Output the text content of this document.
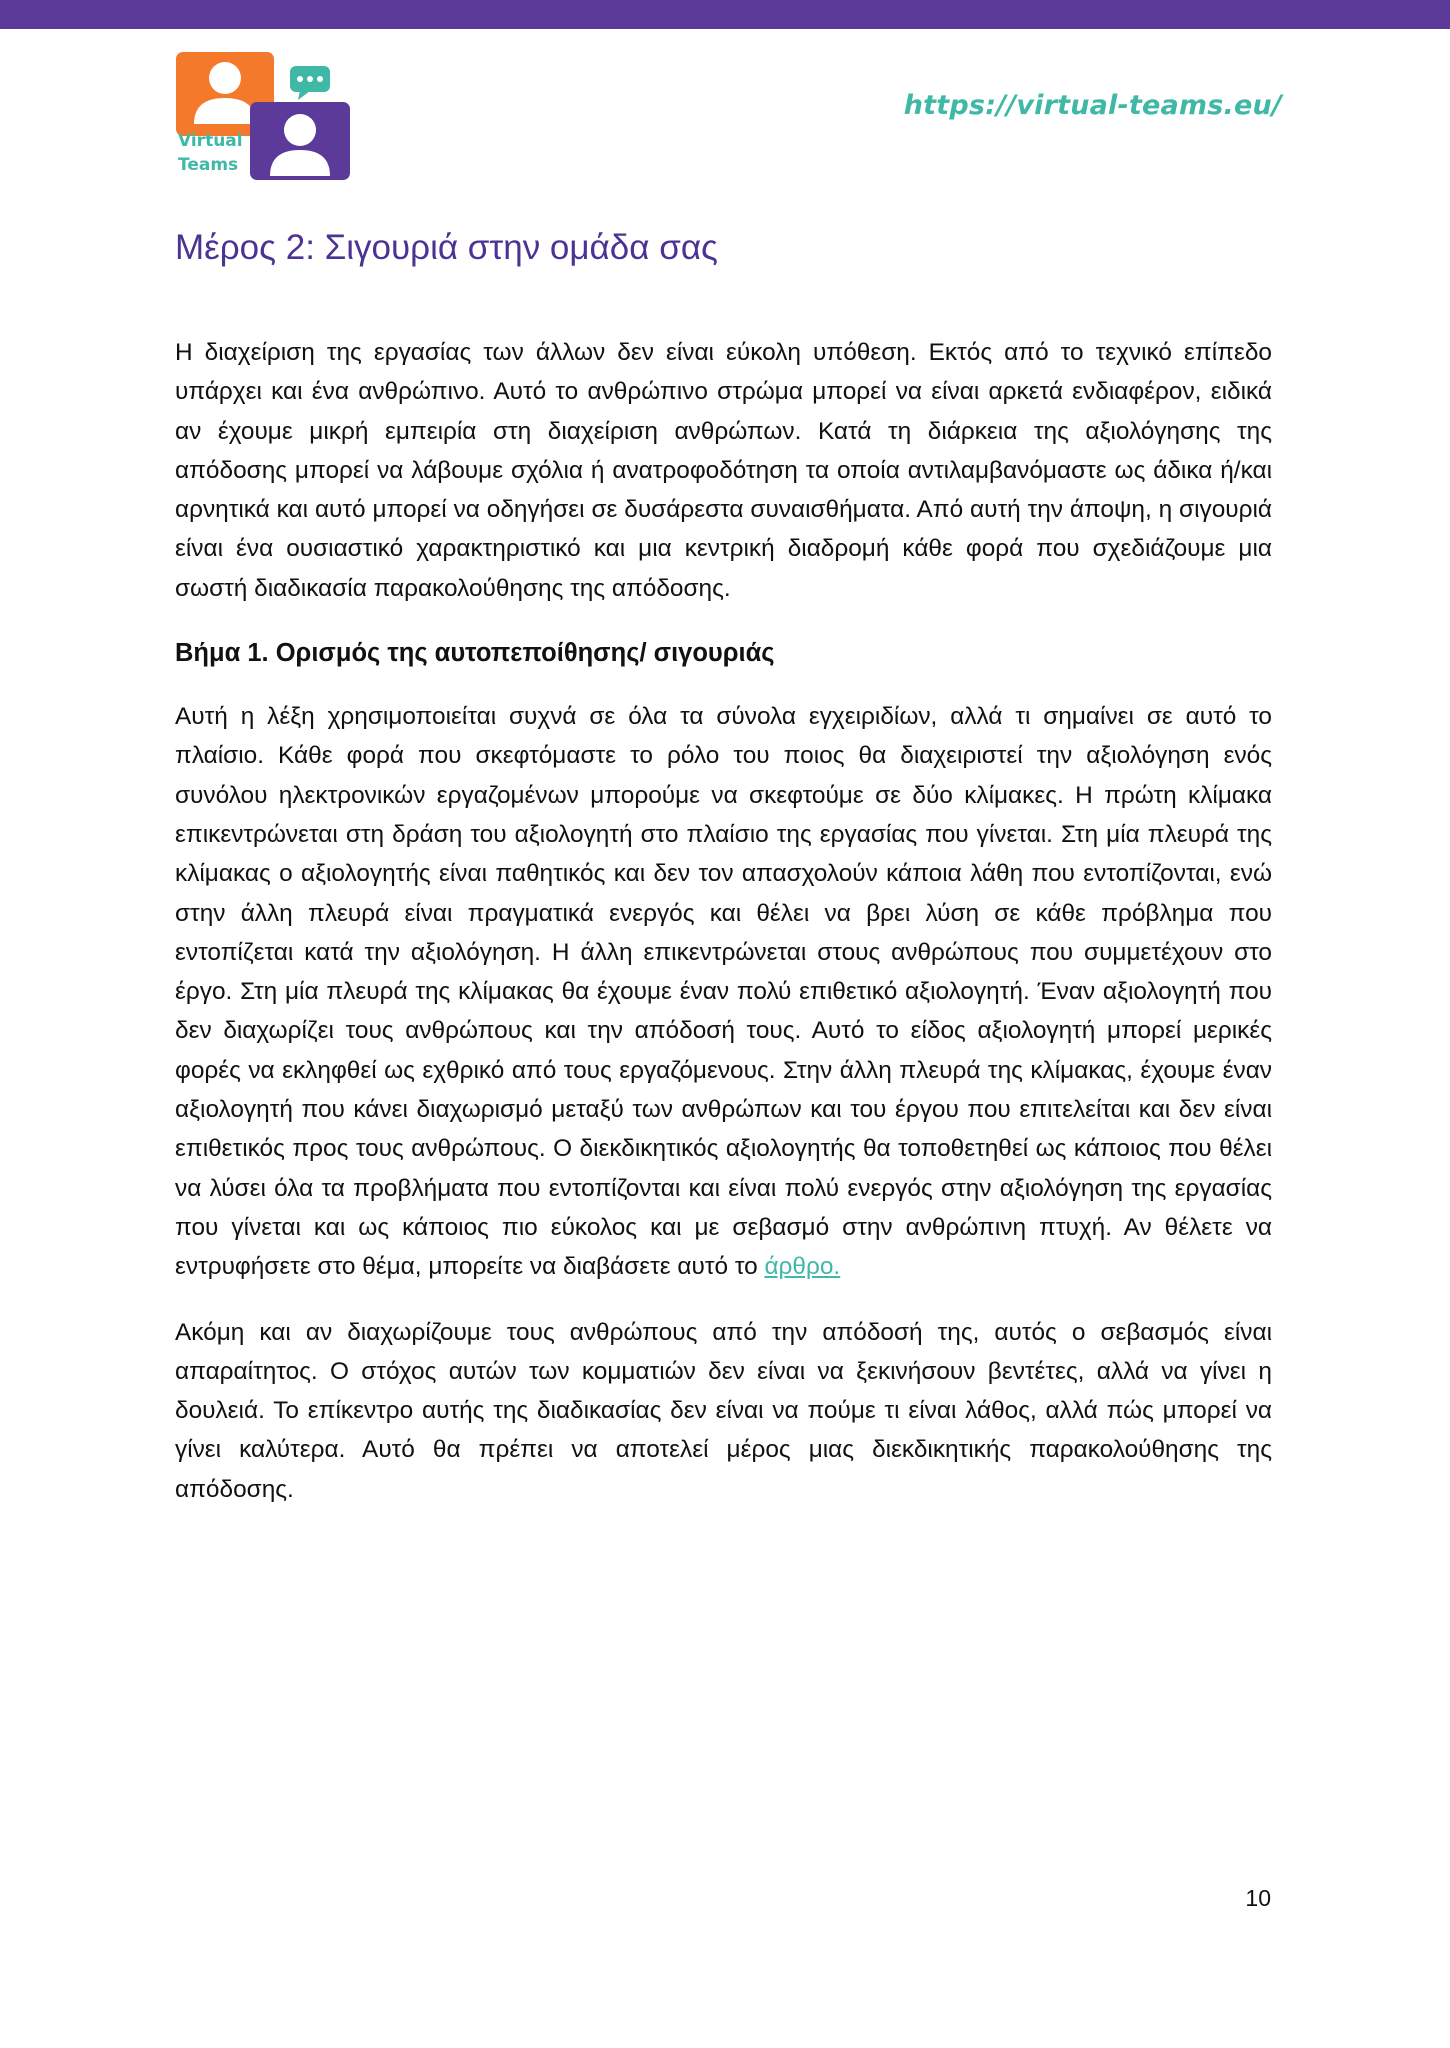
Virtual
Teams
https://virtual-teams.eu/
Μέρος 2: Σιγουριά στην ομάδα σας

Η διαχείριση της εργασίας των άλλων δεν είναι εύκολη υπόθεση. Εκτός από το τεχνικό επίπεδο υπάρχει και ένα ανθρώπινο. Αυτό το ανθρώπινο στρώμα μπορεί να είναι αρκετά ενδιαφέρον, ειδικά αν έχουμε μικρή εμπειρία στη διαχείριση ανθρώπων. Κατά τη διάρκεια της αξιολόγησης της απόδοσης μπορεί να λάβουμε σχόλια ή ανατροφοδότηση τα οποία αντιλαμβανόμαστε ως άδικα ή/και αρνητικά και αυτό μπορεί να οδηγήσει σε δυσάρεστα συναισθήματα. Από αυτή την άποψη, η σιγουριά είναι ένα ουσιαστικό χαρακτηριστικό και μια κεντρική διαδρομή κάθε φορά που σχεδιάζουμε μια σωστή διαδικασία παρακολούθησης της απόδοσης.

Βήμα 1. Ορισμός της αυτοπεποίθησης/ σιγουριάς

Αυτή η λέξη χρησιμοποιείται συχνά σε όλα τα σύνολα εγχειριδίων, αλλά τι σημαίνει σε αυτό το πλαίσιο. Κάθε φορά που σκεφτόμαστε το ρόλο του ποιος θα διαχειριστεί την αξιολόγηση ενός συνόλου ηλεκτρονικών εργαζομένων μπορούμε να σκεφτούμε σε δύο κλίμακες. Η πρώτη κλίμακα επικεντρώνεται στη δράση του αξιολογητή στο πλαίσιο της εργασίας που γίνεται. Στη μία πλευρά της κλίμακας ο αξιολογητής είναι παθητικός και δεν τον απασχολούν κάποια λάθη που εντοπίζονται, ενώ στην άλλη πλευρά είναι πραγματικά ενεργός και θέλει να βρει λύση σε κάθε πρόβλημα που εντοπίζεται κατά την αξιολόγηση. Η άλλη επικεντρώνεται στους ανθρώπους που συμμετέχουν στο έργο. Στη μία πλευρά της κλίμακας θα έχουμε έναν πολύ επιθετικό αξιολογητή. Έναν αξιολογητή που δεν διαχωρίζει τους ανθρώπους και την απόδοσή τους. Αυτό το είδος αξιολογητή μπορεί μερικές φορές να εκληφθεί ως εχθρικό από τους εργαζόμενους. Στην άλλη πλευρά της κλίμακας, έχουμε έναν αξιολογητή που κάνει διαχωρισμό μεταξύ των ανθρώπων και του έργου που επιτελείται και δεν είναι επιθετικός προς τους ανθρώπους. Ο διεκδικητικός αξιολογητής θα τοποθετηθεί ως κάποιος που θέλει να λύσει όλα τα προβλήματα που εντοπίζονται και είναι πολύ ενεργός στην αξιολόγηση της εργασίας που γίνεται και ως κάποιος πιο εύκολος και με σεβασμό στην ανθρώπινη πτυχή. Αν θέλετε να εντρυφήσετε στο θέμα, μπορείτε να διαβάσετε αυτό το άρθρο.

Ακόμη και αν διαχωρίζουμε τους ανθρώπους από την απόδοσή της, αυτός ο σεβασμός είναι απαραίτητος. Ο στόχος αυτών των κομματιών δεν είναι να ξεκινήσουν βεντέτες, αλλά να γίνει η δουλειά. Το επίκεντρο αυτής της διαδικασίας δεν είναι να πούμε τι είναι λάθος, αλλά πώς μπορεί να γίνει καλύτερα. Αυτό θα πρέπει να αποτελεί μέρος μιας διεκδικητικής παρακολούθησης της απόδοσης.

10
